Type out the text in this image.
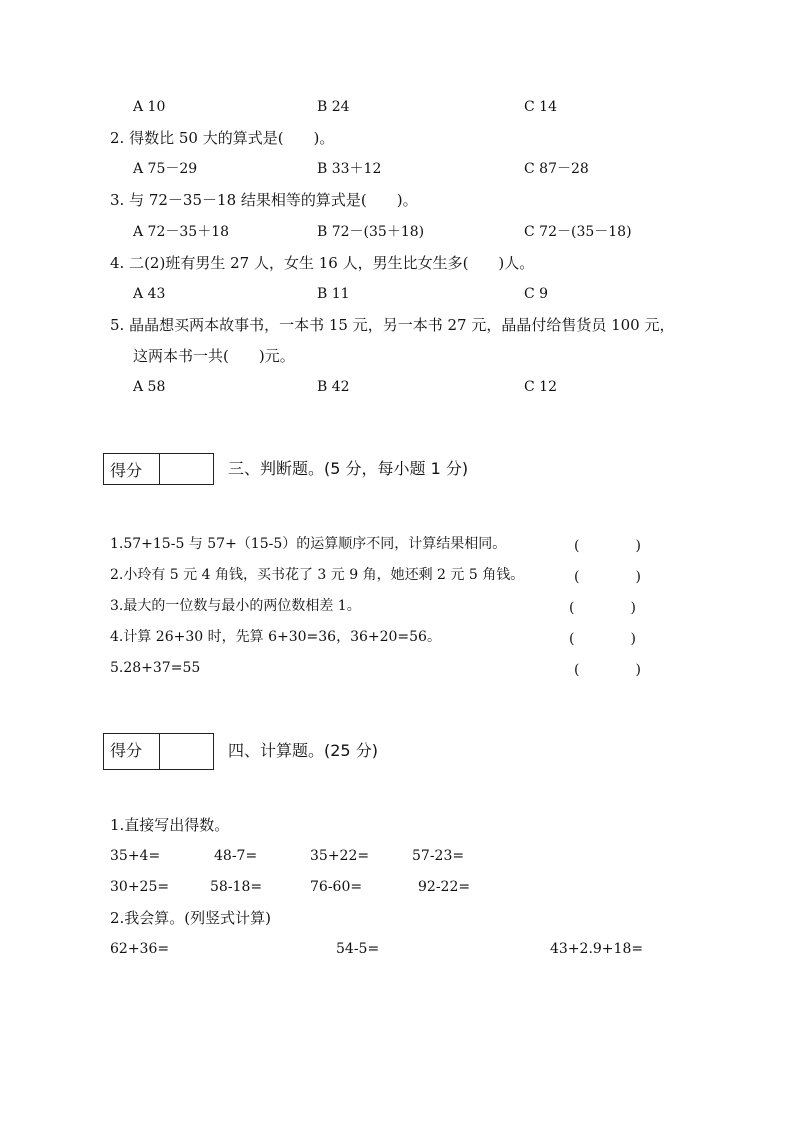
A 10	B 24	C 14
2. 得数比 50 大的算式是(　　)。
A 75－29	B 33＋12	C 87－28
3. 与 72－35－18 结果相等的算式是(　　)。
A 72－35＋18	B 72－(35＋18)	C 72－(35－18)
4. 二(2)班有男生 27 人，女生 16 人，男生比女生多(　　)人。
A 43	B 11	C 9
5. 晶晶想买两本故事书，一本书 15 元，另一本书 27 元，晶晶付给售货员 100 元，
这两本书一共(　　)元。
A 58	B 42	C 12
得分	三、判断题。(5 分，每小题 1 分)
1.57+15-5 与 57+（15-5）的运算顺序不同，计算结果相同。	(　　　　)
2.小玲有 5 元 4 角钱，买书花了 3 元 9 角，她还剩 2 元 5 角钱。	(　　　　)
3.最大的一位数与最小的两位数相差 1。	(　　　　)
4.计算 26+30 时，先算 6+30=36，36+20=56。	(　　　　)
5.28+37=55	(　　　　)
得分	四、计算题。(25 分)
1.直接写出得数。
35+4=	48-7=	35+22=	57-23=
30+25=	58-18=	76-60=	92-22=
2.我会算。(列竖式计算)
62+36=	54-5=	43+2.9+18=
